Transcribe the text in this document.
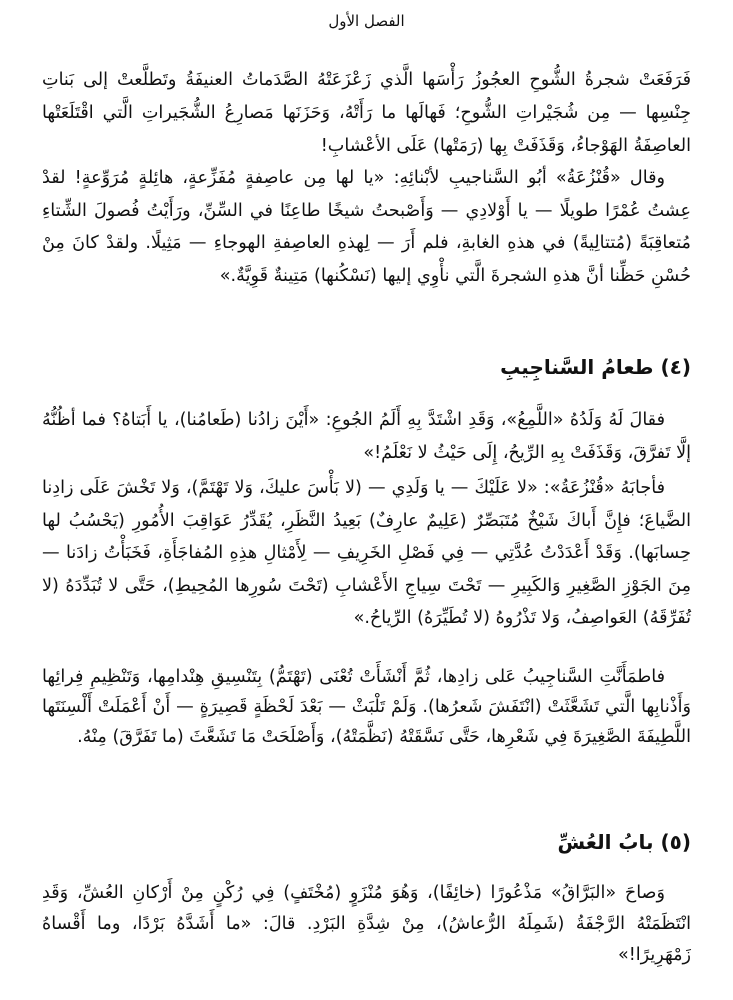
الفصل الأول

فَرَفَعَتْ شجرةُ الشُّوحِ العجُوزُ رَأْسَها الَّذي زَعْزَعَتْهُ الصَّدَماتُ العنيفَةُ وتَطلَّعتْ إلى بَناتِ جِنْسِها — مِن شُجَيْراتِ الشُّوحِ؛ فَهالَها ما رَأَتْهُ، وَحَزَنَها مَصارِعُ الشُّجَيراتِ الَّتي اقْتَلَعَتْها العاصِفَةُ الهَوْجاءُ، وَقَذَفَتْ بِها (رَمَتْها) عَلَى الأعْشابِ!

وقال «قُنْزُعَةُ» أبُو السَّناجيبِ لأبْنائِهِ: «يا لها مِن عاصِفةٍ مُفَزِّعةٍ، هائِلةٍ مُرَوِّعةٍ! لقدْ عِشتُ عُمْرًا طويلًا — يا أَوْلادِي — وَأَصْبحتُ شيخًا طاعِنًا في السِّنِّ، ورَأَيْتُ فُصولَ الشِّتاءِ مُتعاقِبَةً (مُتتالِيةً) في هذهِ الغابةِ، فلم أَرَ — لِهذهِ العاصِفةِ الهوجاءِ — مَثِيلًا. ولقدْ كانَ مِنْ حُسْنِ حَظِّنا أنَّ هذهِ الشجرةَ الَّتي نأْوِي إليها (نَسْكُنها) مَتِينةٌ قَوِيَّةٌ.»

(٤) طعامُ السَّناجِيبِ

فقالَ لَهُ وَلَدُهُ «اللَّمِعُ»، وَقَدِ اشْتَدَّ بِهِ أَلَمُ الجُوعِ: «أَيْنَ زادُنا (طَعامُنا)، يا أَبَتاهُ؟ فما أظُنُّهُ إلَّا تَفرَّقَ، وَقَذَفَتْ بِهِ الرِّيحُ، إِلَى حَيْثُ لا نَعْلَمُ!»

فأجابَهُ «قُنْزُعَةُ»: «لا عَلَيْكَ — يا وَلَدِي — (لا بَأْسَ عليكَ، وَلا تَهْتَمَّ)، وَلا تَخْشَ عَلَى زادِنا الضَّياعَ؛ فإِنَّ أَباكَ شَيْخٌ مُتَبَصِّرٌ (عَلِيمٌ عارِفٌ) بَعِيدُ النَّظَرِ، يُقَدِّرُ عَوَاقِبَ الأُمُورِ (يَحْسُبُ لها حِسابَها). وَقَدْ أَعْدَدْتُ عُدَّتِي — فِي فَصْلِ الخَرِيفِ — لِأَمْثالِ هذِهِ المُفاجَأَةِ، فَخَبَأْتُ زادَنا — مِنَ الجَوْزِ الصَّغِيرِ وَالكَبِيرِ — تَحْتَ سِياجِ الأَعْشابِ (تَحْتَ سُورِها المُحِيطِ)، حَتَّى لا تُبَدِّدَهُ (لا تُفَرِّقَهُ) العَواصِفُ، وَلا تَذْرُوهُ (لا تُطَيِّرَهُ) الرِّياحُ.»

فاطمَأَنَّتِ السَّناجِيبُ عَلى زادِها، ثُمَّ أَنْشَأَتْ تُعْنَى (تَهْتَمُّ) بِتَنْسِيقِ هِنْدامِها، وَتَنْظِيمِ فِرائِها وَأَذْنابِها الَّتي تَشَعَّثَتْ (انْتَفَشَ شَعرُها). وَلَمْ تَلْبَثْ — بَعْدَ لَحْظَةٍ قَصِيرَةٍ — أَنْ أَعْمَلَتْ أَلْسِنَتَها اللَّطِيفَةَ الصَّغِيرَةَ فِي شَعْرِها، حَتَّى نَسَّقَتْهُ (نَظَّمَتْهُ)، وَأَصْلَحَتْ مَا تَشَعَّثَ (ما تَفَرَّقَ) مِنْهُ.

(٥) بابُ العُشِّ

وَصاحَ «البَرَّاقُ» مَذْعُورًا (خائِفًا)، وَهُوَ مُنْزَوٍ (مُخْتَفٍ) فِي رُكْنٍ مِنْ أَرْكانِ العُشِّ، وَقَدِ انْتَظَمَتْهُ الرَّجْفَةُ (شَمِلَهُ الرُّعاشُ)، مِنْ شِدَّةِ البَرْدِ. قالَ: «ما أَشَدَّهُ بَرْدًا، وما أَقْساهُ زَمْهَرِيرًا!»
